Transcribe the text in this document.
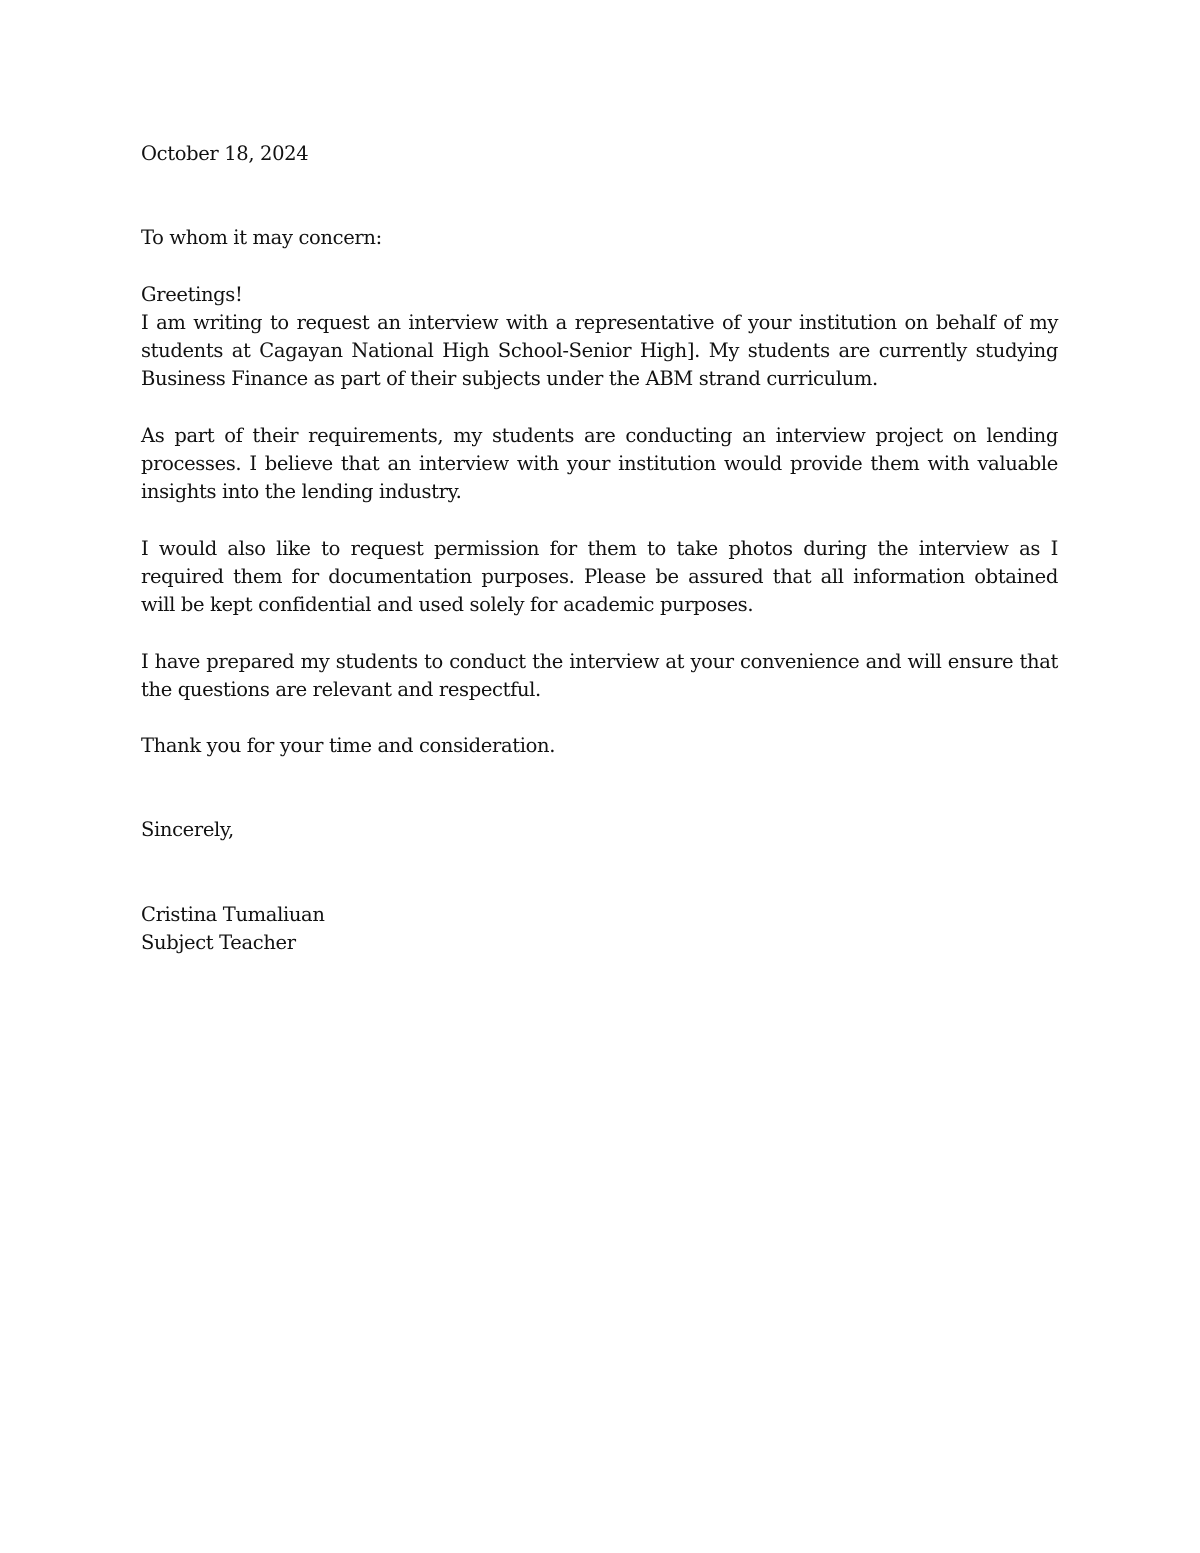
October 18, 2024

To whom it may concern:

Greetings!

I am writing to request an interview with a representative of your institution on behalf of my students at Cagayan National High School-Senior High]. My students are currently studying Business Finance as part of their subjects under the ABM strand curriculum.

As part of their requirements, my students are conducting an interview project on lending processes. I believe that an interview with your institution would provide them with valuable insights into the lending industry.

I would also like to request permission for them to take photos during the interview as I required them for documentation purposes. Please be assured that all information obtained will be kept confidential and used solely for academic purposes.

I have prepared my students to conduct the interview at your convenience and will ensure that the questions are relevant and respectful.

Thank you for your time and consideration.

Sincerely,

Cristina Tumaliuan

Subject Teacher
